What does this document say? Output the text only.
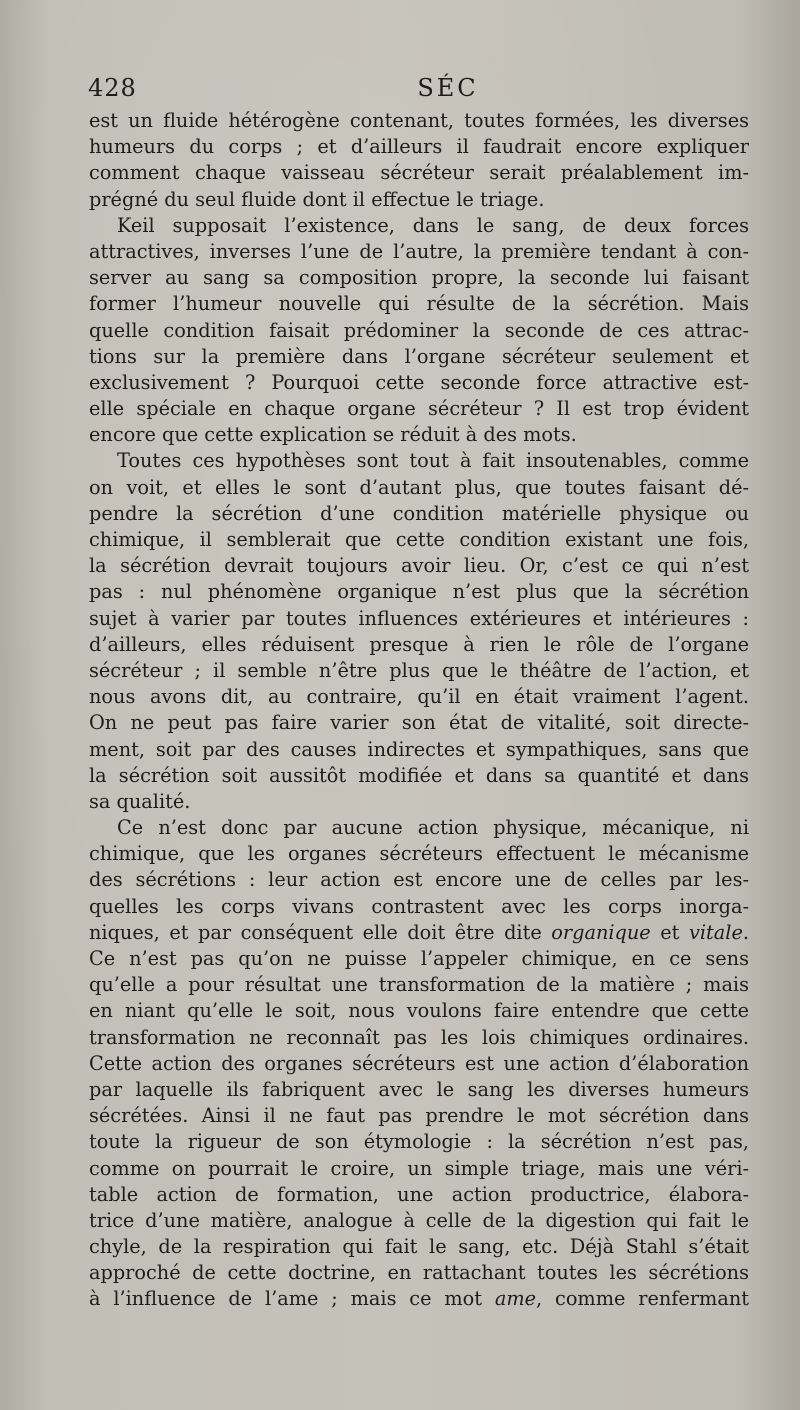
428	SÉC
est un fluide hétérogène contenant, toutes formées, les diverses
humeurs du corps ; et d’ailleurs il faudrait encore expliquer
comment chaque vaisseau sécréteur serait préalablement im-
prégné du seul fluide dont il effectue le triage.
Keil supposait l’existence, dans le sang, de deux forces
attractives, inverses l’une de l’autre, la première tendant à con-
server au sang sa composition propre, la seconde lui faisant
former l’humeur nouvelle qui résulte de la sécrétion. Mais
quelle condition faisait prédominer la seconde de ces attrac-
tions sur la première dans l’organe sécréteur seulement et
exclusivement ? Pourquoi cette seconde force attractive est-
elle spéciale en chaque organe sécréteur ? Il est trop évident
encore que cette explication se réduit à des mots.
Toutes ces hypothèses sont tout à fait insoutenables, comme
on voit, et elles le sont d’autant plus, que toutes faisant dé-
pendre la sécrétion d’une condition matérielle physique ou
chimique, il semblerait que cette condition existant une fois,
la sécrétion devrait toujours avoir lieu. Or, c’est ce qui n’est
pas : nul phénomène organique n’est plus que la sécrétion
sujet à varier par toutes influences extérieures et intérieures :
d’ailleurs, elles réduisent presque à rien le rôle de l’organe
sécréteur ; il semble n’être plus que le théâtre de l’action, et
nous avons dit, au contraire, qu’il en était vraiment l’agent.
On ne peut pas faire varier son état de vitalité, soit directe-
ment, soit par des causes indirectes et sympathiques, sans que
la sécrétion soit aussitôt modifiée et dans sa quantité et dans
sa qualité.
Ce n’est donc par aucune action physique, mécanique, ni
chimique, que les organes sécréteurs effectuent le mécanisme
des sécrétions : leur action est encore une de celles par les-
quelles les corps vivans contrastent avec les corps inorga-
niques, et par conséquent elle doit être dite organique et vitale.
Ce n’est pas qu’on ne puisse l’appeler chimique, en ce sens
qu’elle a pour résultat une transformation de la matière ; mais
en niant qu’elle le soit, nous voulons faire entendre que cette
transformation ne reconnaît pas les lois chimiques ordinaires.
Cette action des organes sécréteurs est une action d’élaboration
par laquelle ils fabriquent avec le sang les diverses humeurs
sécrétées. Ainsi il ne faut pas prendre le mot sécrétion dans
toute la rigueur de son étymologie : la sécrétion n’est pas,
comme on pourrait le croire, un simple triage, mais une véri-
table action de formation, une action productrice, élabora-
trice d’une matière, analogue à celle de la digestion qui fait le
chyle, de la respiration qui fait le sang, etc. Déjà Stahl s’était
approché de cette doctrine, en rattachant toutes les sécrétions
à l’influence de l’ame ; mais ce mot ame, comme renfermant
